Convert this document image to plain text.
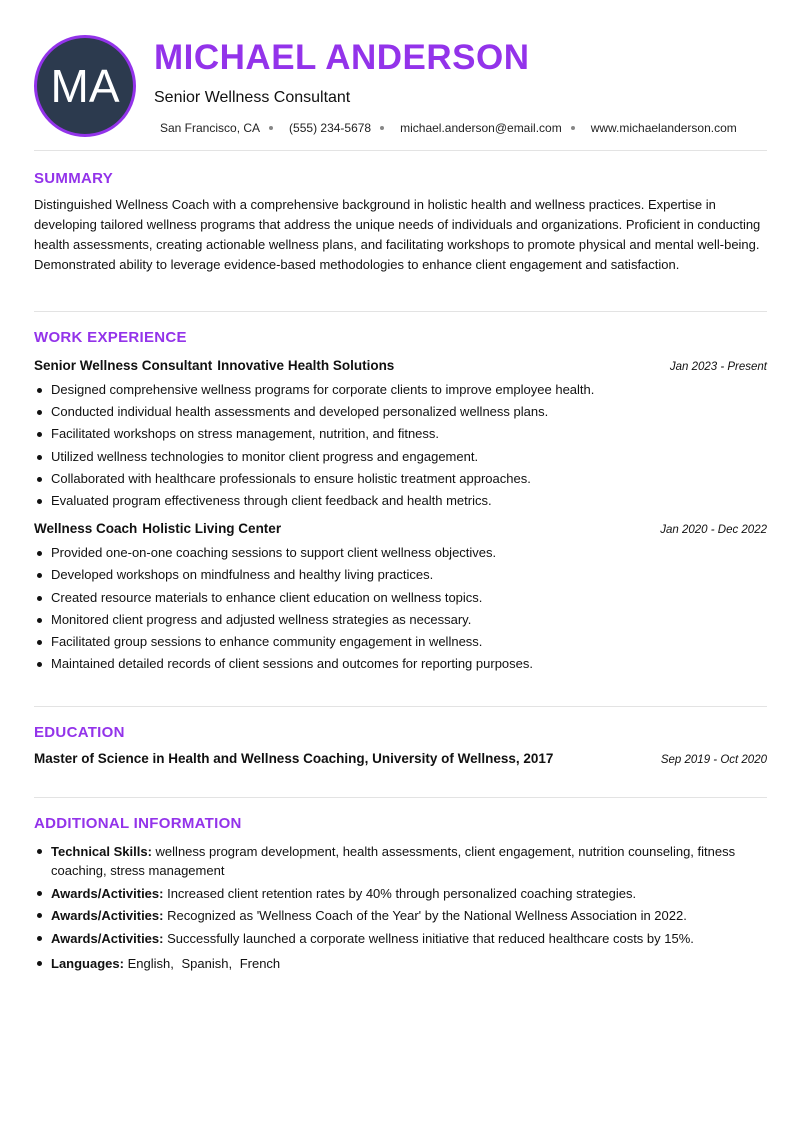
MA
MICHAEL ANDERSON
Senior Wellness Consultant
San Francisco, CA (555) 234-5678 michael.anderson@email.com www.michaelanderson.com
SUMMARY
Distinguished Wellness Coach with a comprehensive background in holistic health and wellness practices. Expertise in developing tailored wellness programs that address the unique needs of individuals and organizations. Proficient in conducting health assessments, creating actionable wellness plans, and facilitating workshops to promote physical and mental well-being. Demonstrated ability to leverage evidence-based methodologies to enhance client engagement and satisfaction.
WORK EXPERIENCE
Senior Wellness Consultant Innovative Health Solutions	Jan 2023 - Present
Designed comprehensive wellness programs for corporate clients to improve employee health.
Conducted individual health assessments and developed personalized wellness plans.
Facilitated workshops on stress management, nutrition, and fitness.
Utilized wellness technologies to monitor client progress and engagement.
Collaborated with healthcare professionals to ensure holistic treatment approaches.
Evaluated program effectiveness through client feedback and health metrics.
Wellness Coach Holistic Living Center	Jan 2020 - Dec 2022
Provided one-on-one coaching sessions to support client wellness objectives.
Developed workshops on mindfulness and healthy living practices.
Created resource materials to enhance client education on wellness topics.
Monitored client progress and adjusted wellness strategies as necessary.
Facilitated group sessions to enhance community engagement in wellness.
Maintained detailed records of client sessions and outcomes for reporting purposes.
EDUCATION
Master of Science in Health and Wellness Coaching, University of Wellness, 2017	Sep 2019 - Oct 2020
ADDITIONAL INFORMATION
Technical Skills: wellness program development, health assessments, client engagement, nutrition counseling, fitness coaching, stress management
Awards/Activities: Increased client retention rates by 40% through personalized coaching strategies.
Awards/Activities: Recognized as 'Wellness Coach of the Year' by the National Wellness Association in 2022.
Awards/Activities: Successfully launched a corporate wellness initiative that reduced healthcare costs by 15%.
Languages: English, Spanish, French
